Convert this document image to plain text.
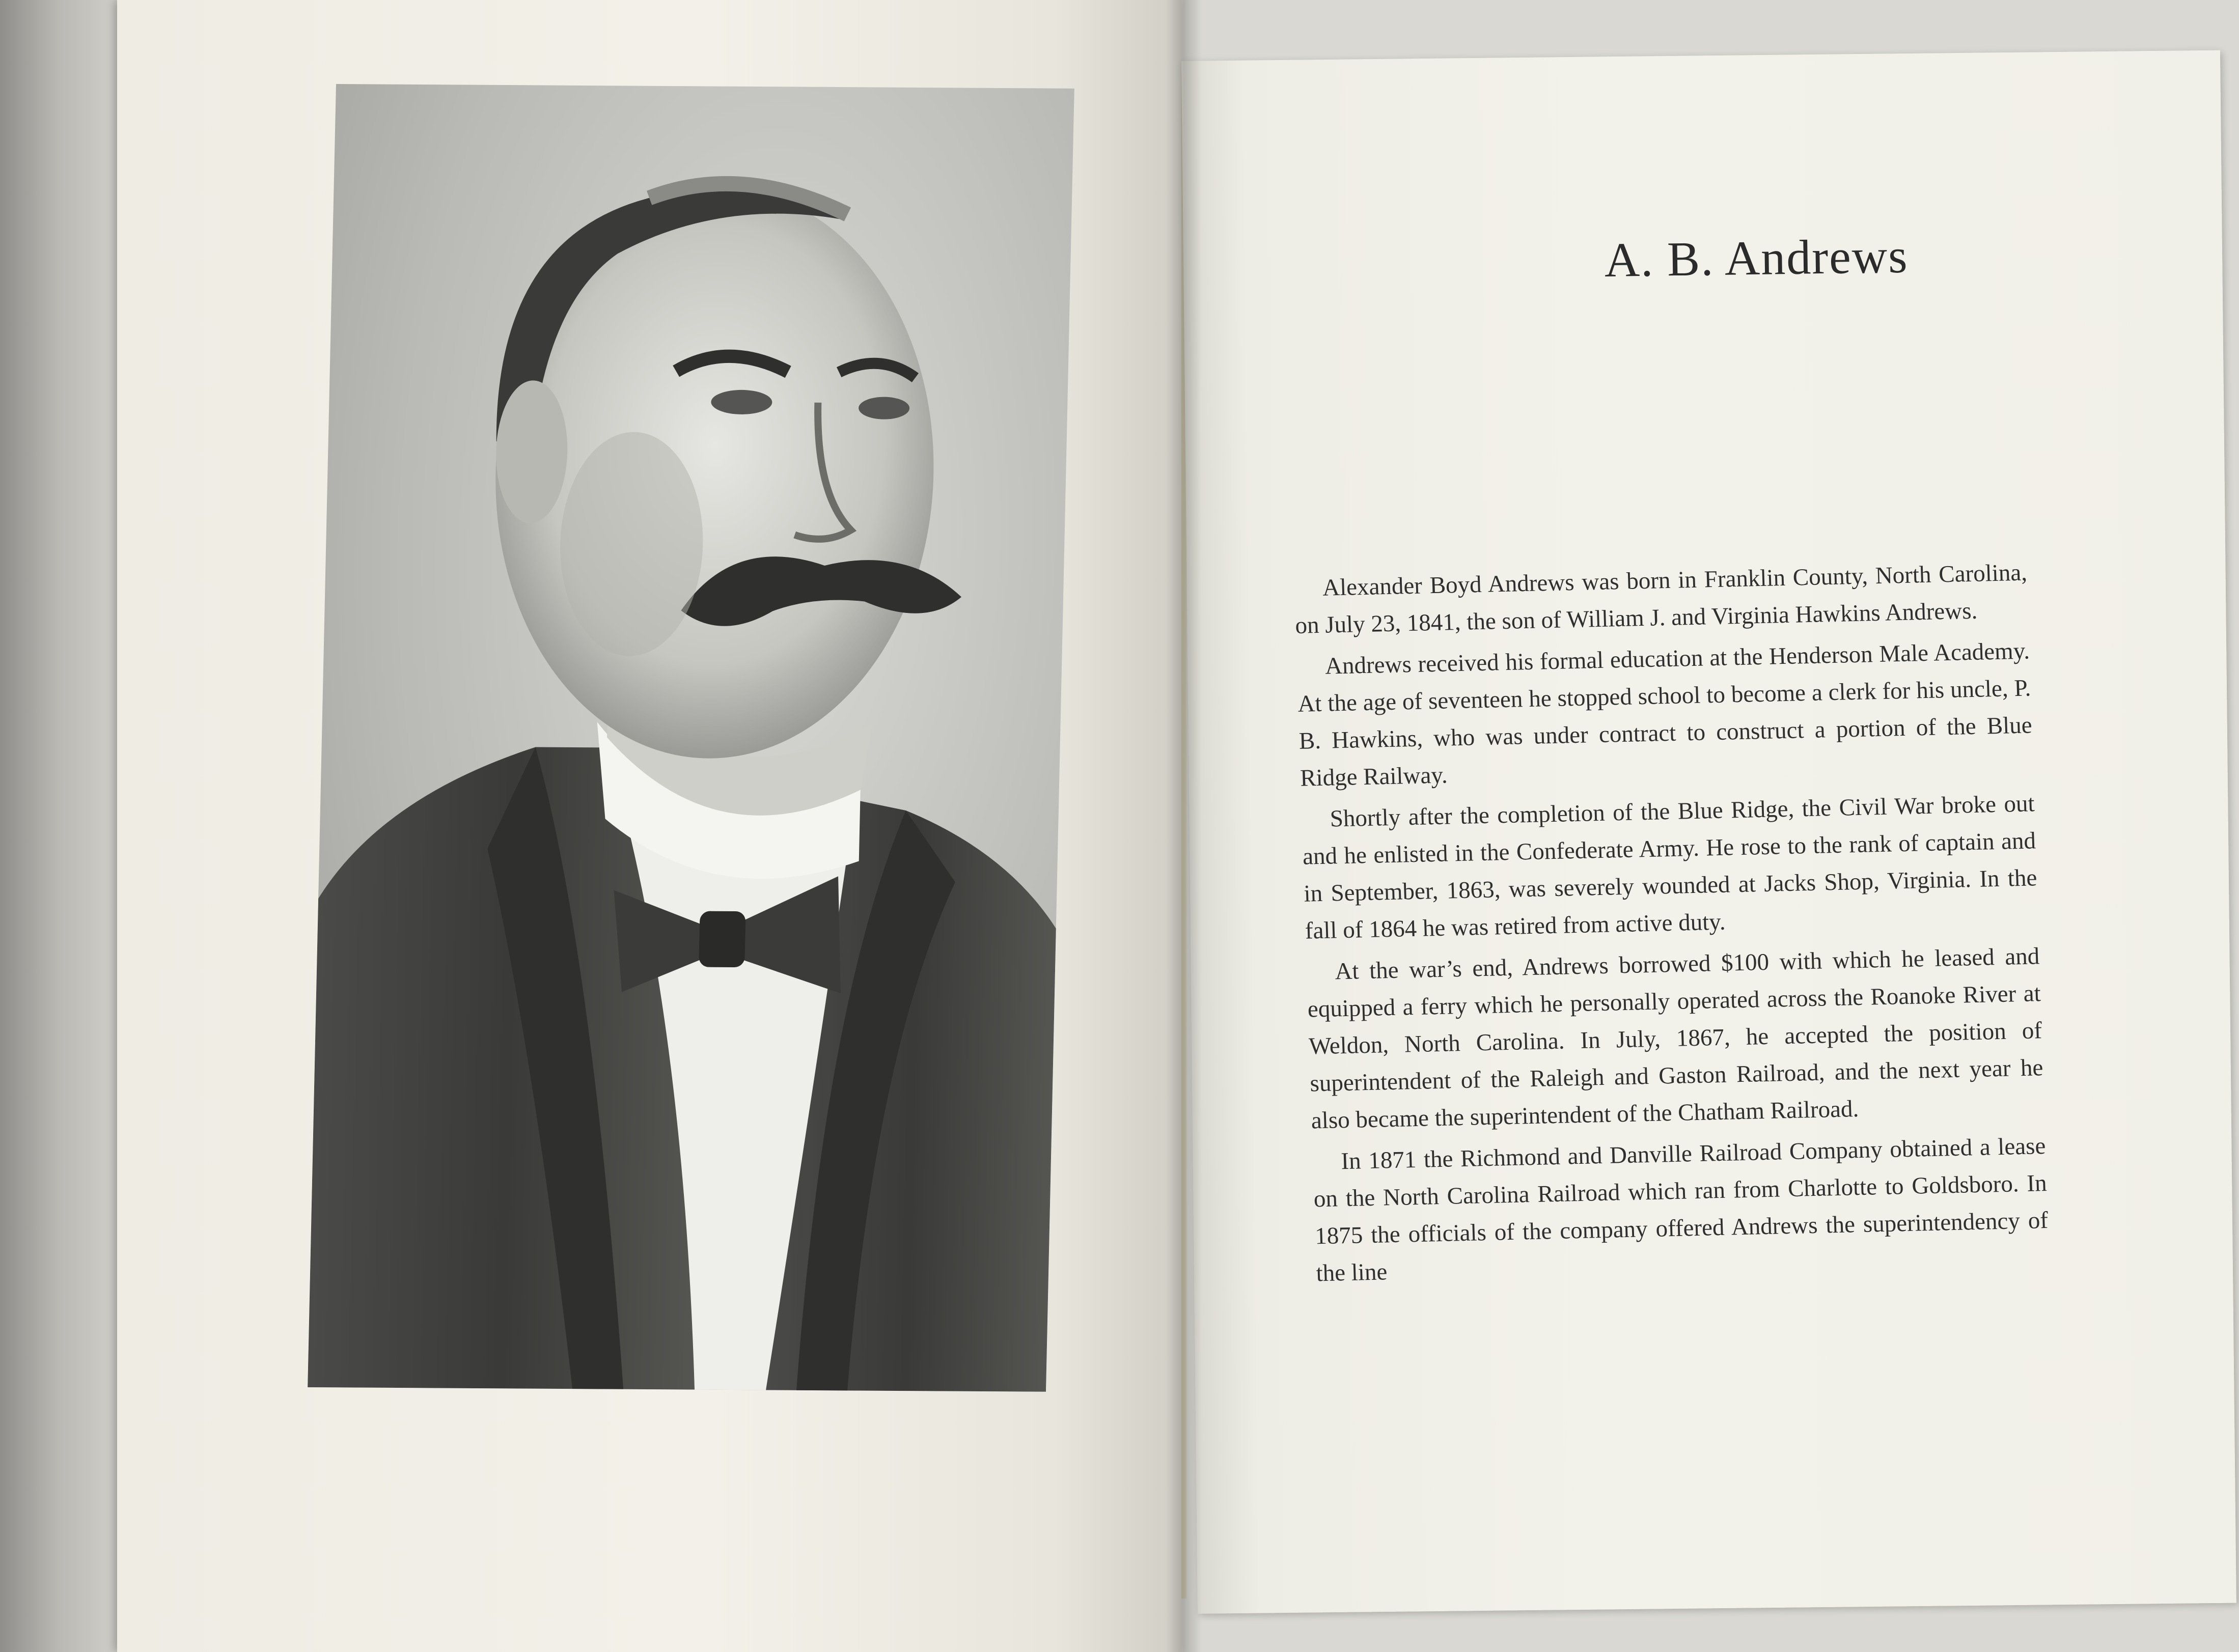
A. B. Andrews

Alexander Boyd Andrews was born in Franklin County, North Carolina, on July 23, 1841, the son of William J. and Virginia Hawkins Andrews.

Andrews received his formal education at the Henderson Male Academy. At the age of seventeen he stopped school to become a clerk for his uncle, P. B. Hawkins, who was under contract to construct a portion of the Blue Ridge Railway.

Shortly after the completion of the Blue Ridge, the Civil War broke out and he enlisted in the Confederate Army. He rose to the rank of captain and in September, 1863, was severely wounded at Jacks Shop, Virginia. In the fall of 1864 he was retired from active duty.

At the war’s end, Andrews borrowed $100 with which he leased and equipped a ferry which he personally operated across the Roanoke River at Weldon, North Carolina. In July, 1867, he accepted the position of superintendent of the Raleigh and Gaston Railroad, and the next year he also became the superintendent of the Chatham Railroad.

In 1871 the Richmond and Danville Railroad Company obtained a lease on the North Carolina Railroad which ran from Charlotte to Goldsboro. In 1875 the officials of the company offered Andrews the superintendency of the line
